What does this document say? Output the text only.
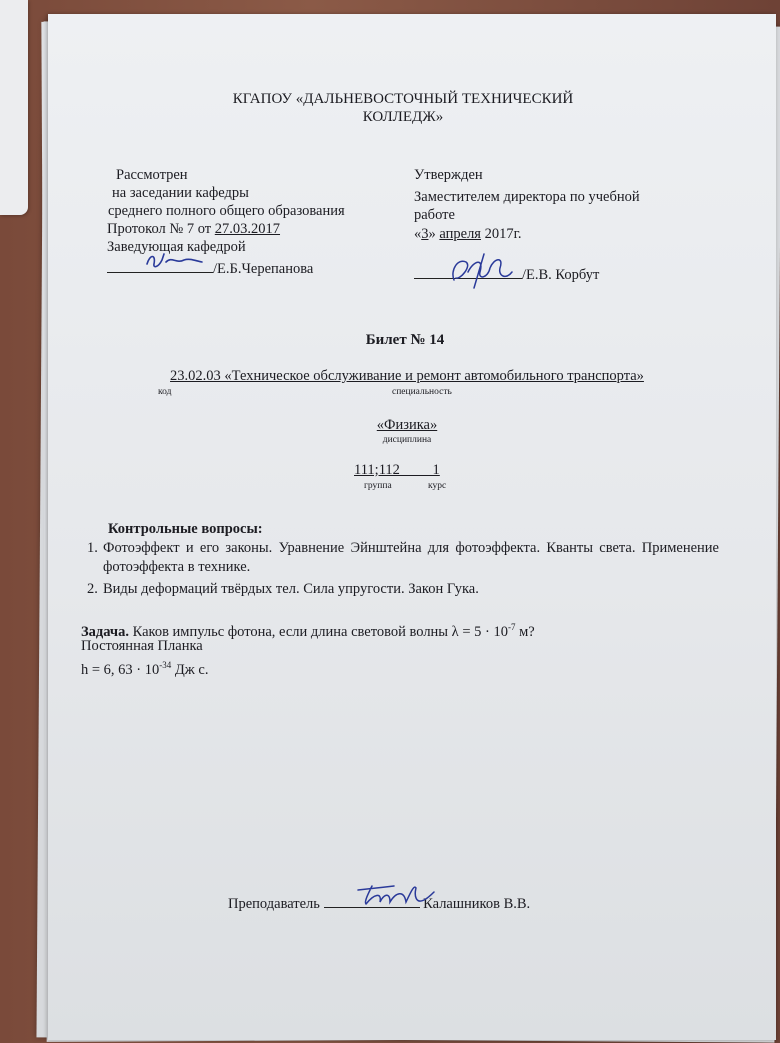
КГАПОУ «ДАЛЬНЕВОСТОЧНЫЙ ТЕХНИЧЕСКИЙ
КОЛЛЕДЖ»
Рассмотрен
на заседании кафедры
среднего полного общего образования
Протокол № 7 от 27.03.2017
Заведующая кафедрой
/Е.Б.Черепанова
Утвержден
Заместителем директора по учебной
работе
«3» апреля 2017г.
/Е.В. Корбут
Билет № 14
23.02.03 «Техническое обслуживание и ремонт автомобильного транспорта»
код	специальность
«Физика»
дисциплина
111;112         1
группа	курс
Контрольные вопросы:
1. Фотоэффект и его законы. Уравнение Эйнштейна для фотоэффекта. Кванты света. Применение фотоэффекта в технике.
2. Виды деформаций твёрдых тел. Сила упругости. Закон Гука.
Задача. Каков импульс фотона, если длина световой волны $\lambda = 5 \cdot 10^{-7}$ м?
Постоянная Планка
h = 6, $63 \cdot 10^{-34}$ Дж с.
Преподаватель	Калашников В.В.
